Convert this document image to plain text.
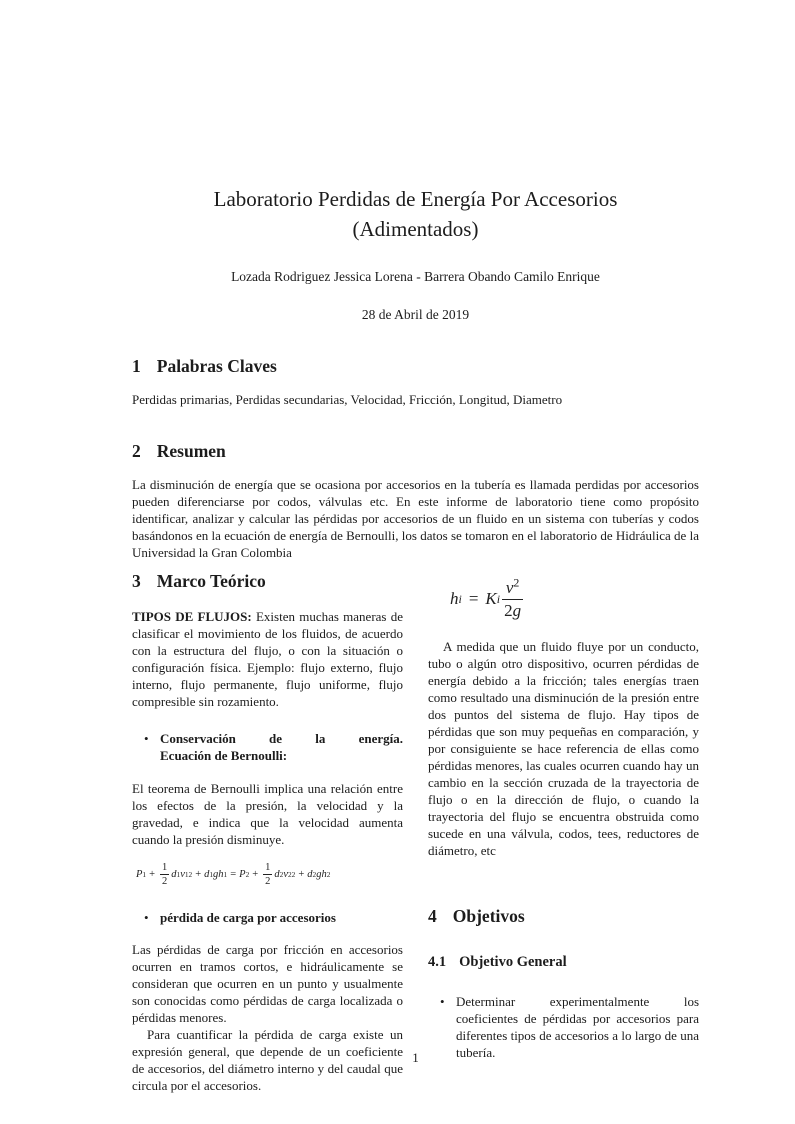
Laboratorio Perdidas de Energía Por Accesorios
(Adimentados)
Lozada Rodriguez Jessica Lorena - Barrera Obando Camilo Enrique
28 de Abril de 2019
1 Palabras Claves

Perdidas primarias, Perdidas secundarias, Velocidad, Fricción, Longitud, Diametro

2 Resumen

La disminución de energía que se ocasiona por accesorios en la tubería es llamada perdidas por accesorios pueden diferenciarse por codos, válvulas etc. En este informe de laboratorio tiene como propósito identificar, analizar y calcular las pérdidas por accesorios de un fluido en un sistema con tuberías y codos basándonos en la ecuación de energía de Bernoulli, los datos se tomaron en el laboratorio de Hidráulica de la Universidad la Gran Colombia

3 Marco Teórico

TIPOS DE FLUJOS: Existen muchas maneras de clasificar el movimiento de los fluidos, de acuerdo con la estructura del flujo, o con la situación o configuración física. Ejemplo: flujo externo, flujo interno, flujo permanente, flujo uniforme, flujo compresible sin rozamiento.

• Conservación de la energía.
Ecuación de Bernoulli:

El teorema de Bernoulli implica una relación entre los efectos de la presión, la velocidad y la gravedad, e indica que la velocidad aumenta cuando la presión disminuye.

P $1 + \frac{1}{2}$ d 1 v 1 2 + d 1 g h 1 = P $2 + \frac{1}{2}$ d 2 v 2 2 + d 2 g h 2
• pérdida de carga por accesorios

Las pérdidas de carga por fricción en accesorios ocurren en tramos cortos, e hidráulicamente se consideran que ocurren en un punto y usualmente son conocidas como pérdidas de carga localizada o pérdidas menores.

Para cuantificar la pérdida de carga existe un expresión general, que depende de un coeficiente de accesorios, del diámetro interno y del caudal que circula por el accesorios.

h i = K i $\frac{v^2}{2g}$

A medida que un fluido fluye por un conducto, tubo o algún otro dispositivo, ocurren pérdidas de energía debido a la fricción; tales energías traen como resultado una disminución de la presión entre dos puntos del sistema de flujo. Hay tipos de pérdidas que son muy pequeñas en comparación, y por consiguiente se hace referencia de ellas como pérdidas menores, las cuales ocurren cuando hay un cambio en la sección cruzada de la trayectoria de flujo o en la dirección de flujo, o cuando la trayectoria del flujo se encuentra obstruida como sucede en una válvula, codos, tees, reductores de diámetro, etc

4 Objetivos
4.1 Objetivo General
• Determinar experimentalmente los coeficientes de pérdidas por accesorios para diferentes tipos de accesorios a lo largo de una tubería.
1
